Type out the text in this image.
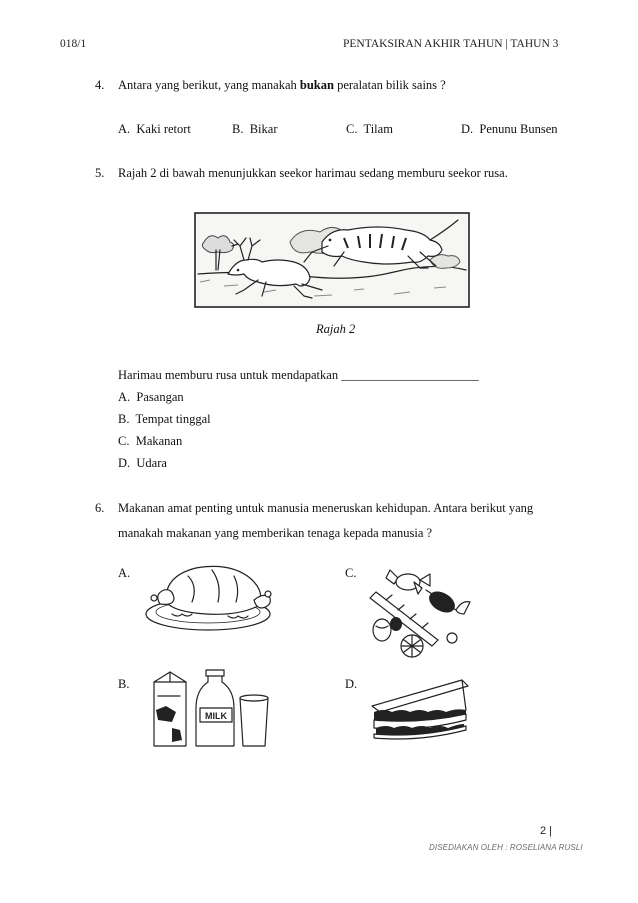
018/1	PENTAKSIRAN AKHIR TAHUN | TAHUN 3
4. Antara yang berikut, yang manakah bukan peralatan bilik sains ?
A. Kaki retort	B. Bikar	C. Tilam	D. Penunu Bunsen
5. Rajah 2 di bawah menunjukkan seekor harimau sedang memburu seekor rusa.
Rajah 2
Harimau memburu rusa untuk mendapatkan ______________________
A. Pasangan
B. Tempat tinggal
C. Makanan
D. Udara
6. Makanan amat penting untuk manusia meneruskan kehidupan. Antara berikut yang
manakah makanan yang memberikan tenaga kepada manusia ?
A.	C.
B.	D.
MILK
2 |
DISEDIAKAN OLEH : ROSELIANA RUSLI
